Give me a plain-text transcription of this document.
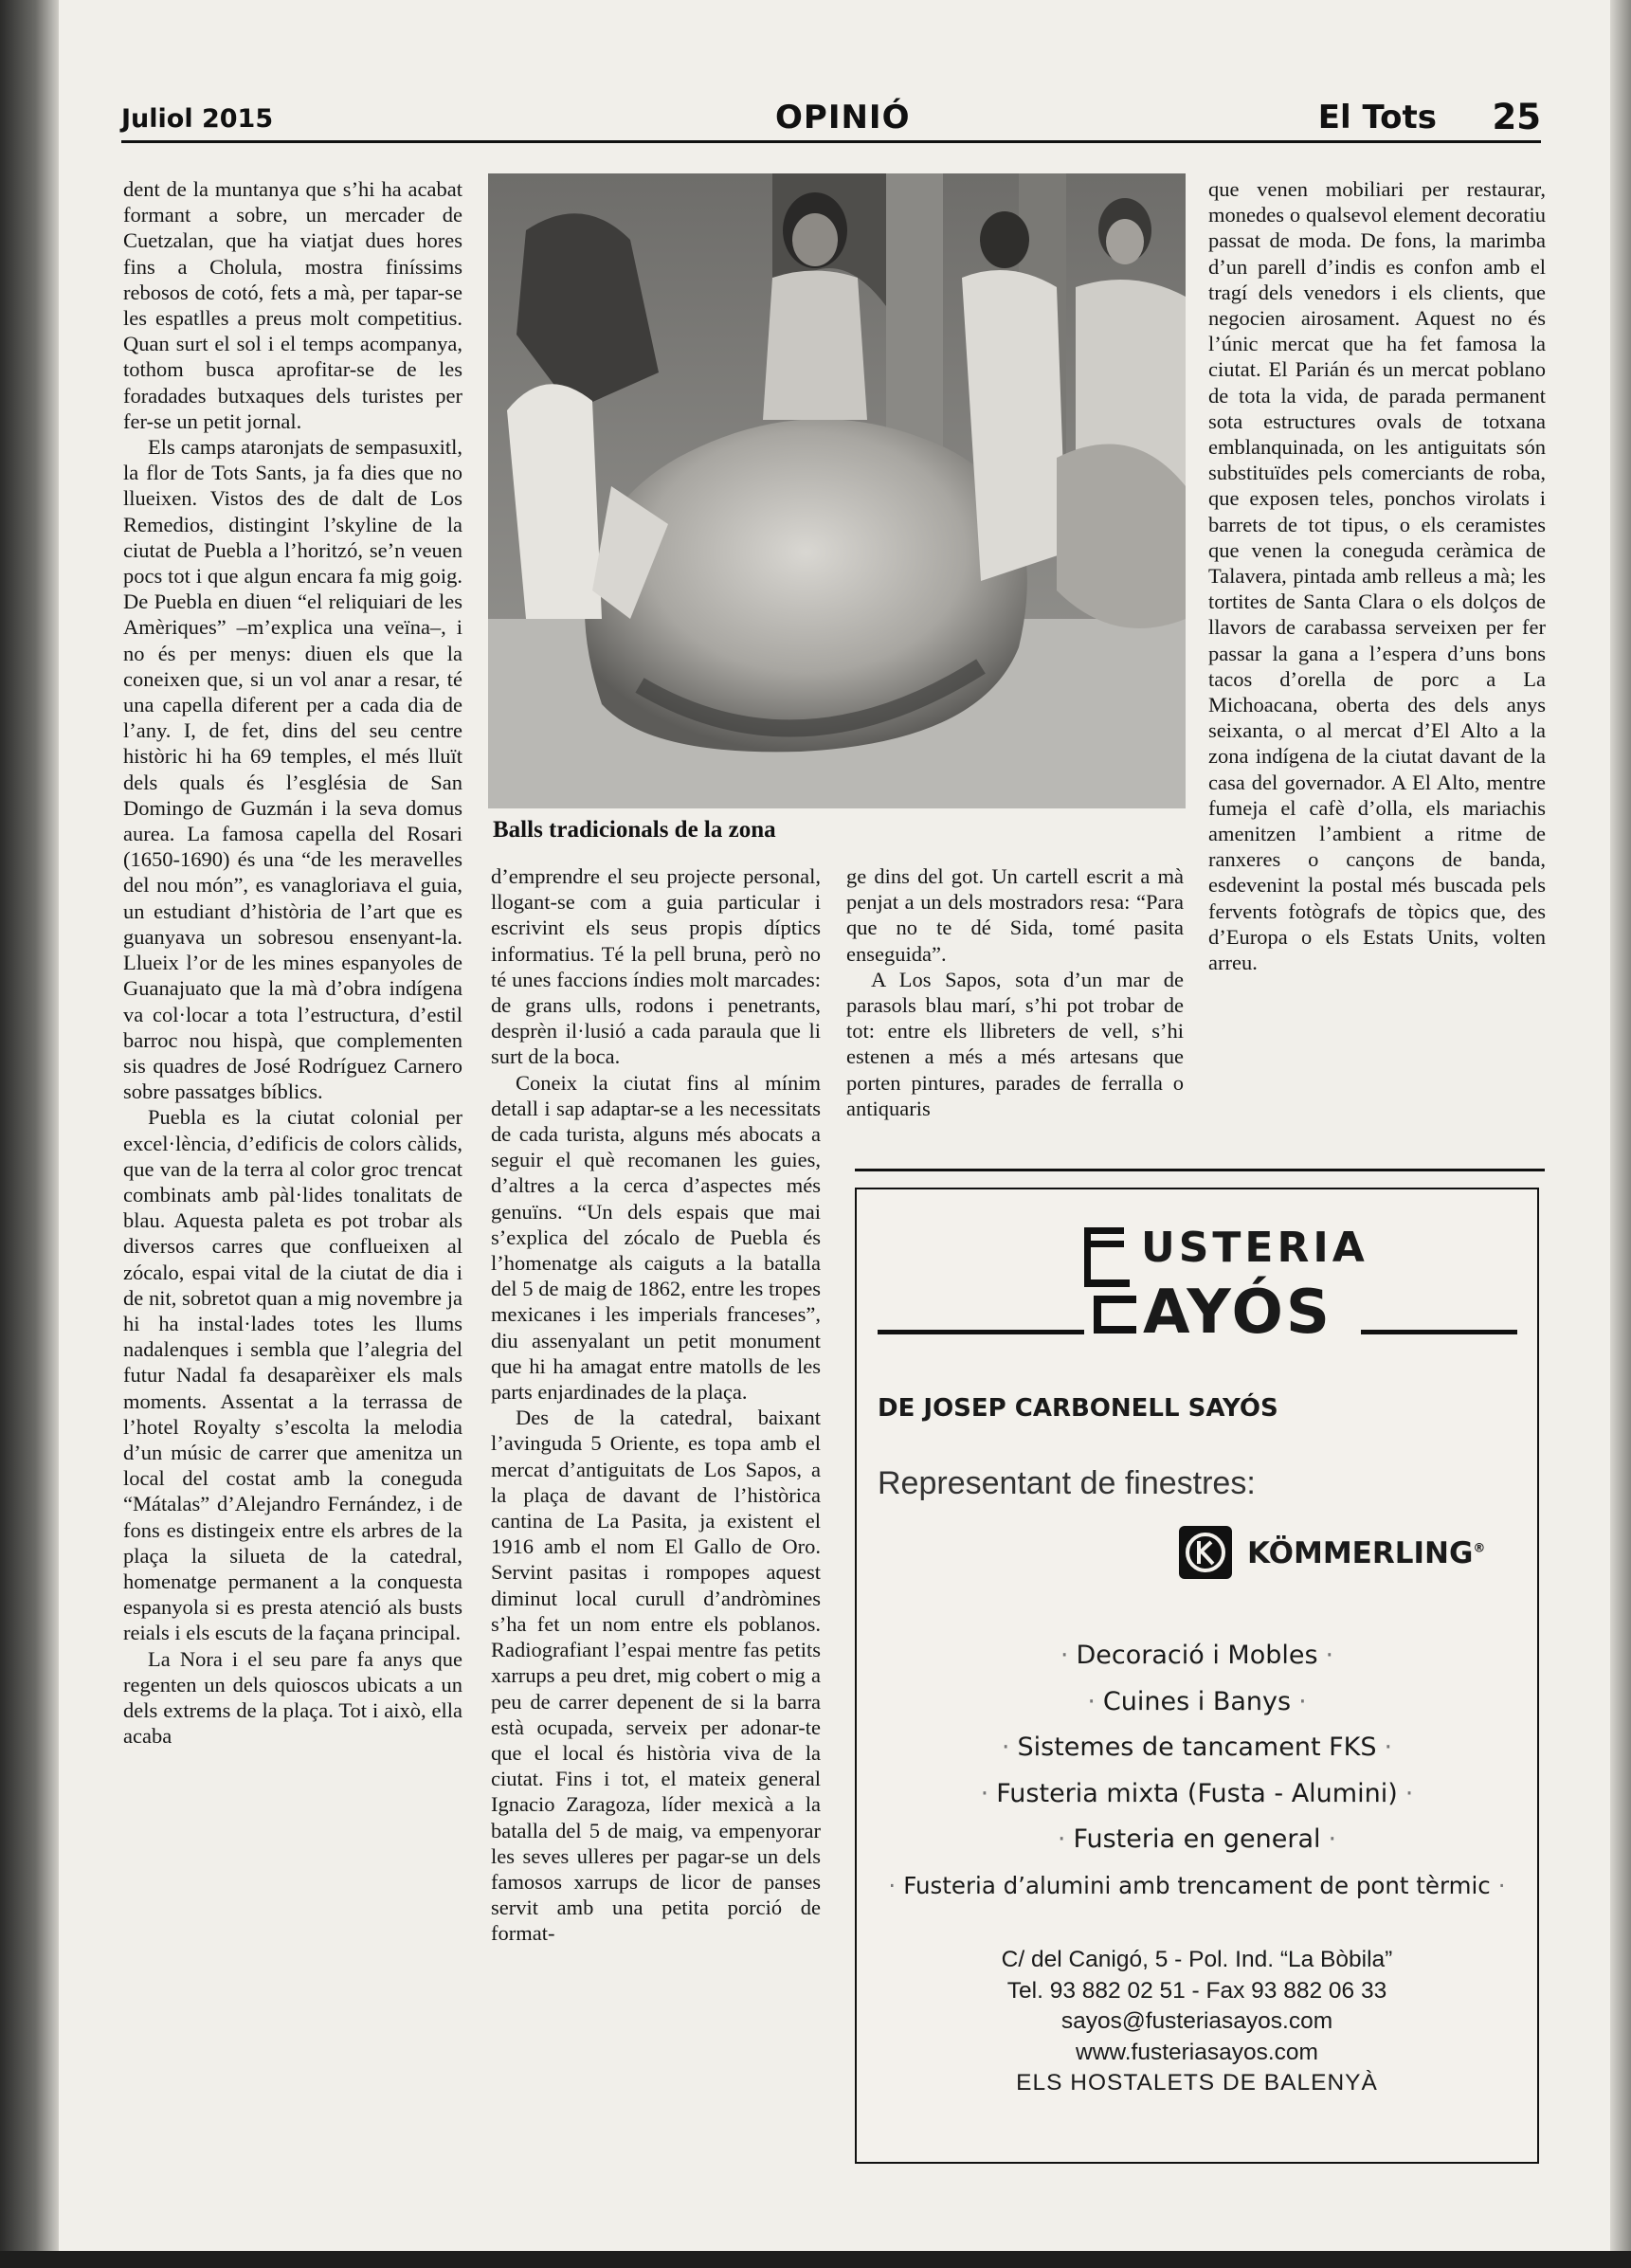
Juliol 2015	OPINIÓ	El Tots 25

dent de la muntanya que s’hi ha acabat formant a sobre, un mercader de Cuetzalan, que ha viatjat dues hores fins a Cholula, mostra finíssims rebosos de cotó, fets a mà, per tapar-se les espatlles a preus molt competitius. Quan surt el sol i el temps acompanya, tothom busca aprofitar-se de les foradades butxaques dels turistes per fer-se un petit jornal.

Els camps ataronjats de sempasuxitl, la flor de Tots Sants, ja fa dies que no llueixen. Vistos des de dalt de Los Remedios, distingint l’skyline de la ciutat de Puebla a l’horitzó, se’n veuen pocs tot i que algun encara fa mig goig. De Puebla en diuen “el reliquiari de les Amèriques” –m’explica una veïna–, i no és per menys: diuen els que la coneixen que, si un vol anar a resar, té una capella diferent per a cada dia de l’any. I, de fet, dins del seu centre històric hi ha 69 temples, el més lluït dels quals és l’església de San Domingo de Guzmán i la seva domus aurea. La famosa capella del Rosari (1650-1690) és una “de les meravelles del nou món”, es vanagloriava el guia, un estudiant d’història de l’art que es guanyava un sobresou ensenyant-la. Llueix l’or de les mines espanyoles de Guanajuato que la mà d’obra indígena va col·locar a tota l’estructura, d’estil barroc nou hispà, que complementen sis quadres de José Rodríguez Carnero sobre passatges bíblics.

Puebla es la ciutat colonial per excel·lència, d’edificis de colors càlids, que van de la terra al color groc trencat combinats amb pàl·lides tonalitats de blau. Aquesta paleta es pot trobar als diversos carres que conflueixen al zócalo, espai vital de la ciutat de dia i de nit, sobretot quan a mig novembre ja hi ha instal·lades totes les llums nadalenques i sembla que l’alegria del futur Nadal fa desaparèixer els mals moments. Assentat a la terrassa de l’hotel Royalty s’escolta la melodia d’un músic de carrer que amenitza un local del costat amb la coneguda “Mátalas” d’Alejandro Fernández, i de fons es distingeix entre els arbres de la plaça la silueta de la catedral, homenatge permanent a la conquesta espanyola si es presta atenció als busts reials i els escuts de la façana principal.

La Nora i el seu pare fa anys que regenten un dels quioscos ubicats a un dels extrems de la plaça. Tot i això, ella acaba

Balls tradicionals de la zona

d’emprendre el seu projecte personal, llogant-se com a guia particular i escrivint els seus propis díptics informatius. Té la pell bruna, però no té unes faccions índies molt marcades: de grans ulls, rodons i penetrants, desprèn il·lusió a cada paraula que li surt de la boca.

Coneix la ciutat fins al mínim detall i sap adaptar-se a les necessitats de cada turista, alguns més abocats a seguir el què recomanen les guies, d’altres a la cerca d’aspectes més genuïns. “Un dels espais que mai s’explica del zócalo de Puebla és l’homenatge als caiguts a la batalla del 5 de maig de 1862, entre les tropes mexicanes i les imperials franceses”, diu assenyalant un petit monument que hi ha amagat entre matolls de les parts enjardinades de la plaça.

Des de la catedral, baixant l’avinguda 5 Oriente, es topa amb el mercat d’antiguitats de Los Sapos, a la plaça de davant de l’històrica cantina de La Pasita, ja existent el 1916 amb el nom El Gallo de Oro. Servint pasitas i rompopes aquest diminut local curull d’andròmines s’ha fet un nom entre els poblanos. Radiografiant l’espai mentre fas petits xarrups a peu dret, mig cobert o mig a peu de carrer depenent de si la barra està ocupada, serveix per adonar-te que el local és història viva de la ciutat. Fins i tot, el mateix general Ignacio Zaragoza, líder mexicà a la batalla del 5 de maig, va empenyorar les seves ulleres per pagar-se un dels famosos xarrups de licor de panses servit amb una petita porció de format-

ge dins del got. Un cartell escrit a mà penjat a un dels mostradors resa: “Para que no te dé Sida, tomé pasita enseguida”.

A Los Sapos, sota d’un mar de parasols blau marí, s’hi pot trobar de tot: entre els llibreters de vell, s’hi estenen a més a més artesans que porten pintures, parades de ferralla o antiquaris

que venen mobiliari per restaurar, monedes o qualsevol element decoratiu passat de moda. De fons, la marimba d’un parell d’indis es confon amb el tragí dels venedors i els clients, que negocien airosament. Aquest no és l’únic mercat que ha fet famosa la ciutat. El Parián és un mercat poblano de tota la vida, de parada permanent sota estructures ovals de totxana emblanquinada, on les antiguitats són substituïdes pels comerciants de roba, que exposen teles, ponchos virolats i barrets de tot tipus, o els ceramistes que venen la coneguda ceràmica de Talavera, pintada amb relleus a mà; les tortites de Santa Clara o els dolços de llavors de carabassa serveixen per fer passar la gana a l’espera d’uns bons tacos d’orella de porc a La Michoacana, oberta des dels anys seixanta, o al mercat d’El Alto a la zona indígena de la ciutat davant de la casa del governador. A El Alto, mentre fumeja el cafè d’olla, els mariachis amenitzen l’ambient a ritme de ranxeres o cançons de banda, esdevenint la postal més buscada pels fervents fotògrafs de tòpics que, des d’Europa o els Estats Units, volten arreu.

USTERIA
AYÓS
DE JOSEP CARBONELL SAYÓS
Representant de finestres:
KÖMMERLING®
· Decoració i Mobles ·
· Cuines i Banys ·
· Sistemes de tancament FKS ·
· Fusteria mixta (Fusta - Alumini) ·
· Fusteria en general ·
· Fusteria d’alumini amb trencament de pont tèrmic ·
C/ del Canigó, 5 - Pol. Ind. “La Bòbila”
Tel. 93 882 02 51 - Fax 93 882 06 33
sayos@fusteriasayos.com
www.fusteriasayos.com
ELS HOSTALETS DE BALENYÀ
